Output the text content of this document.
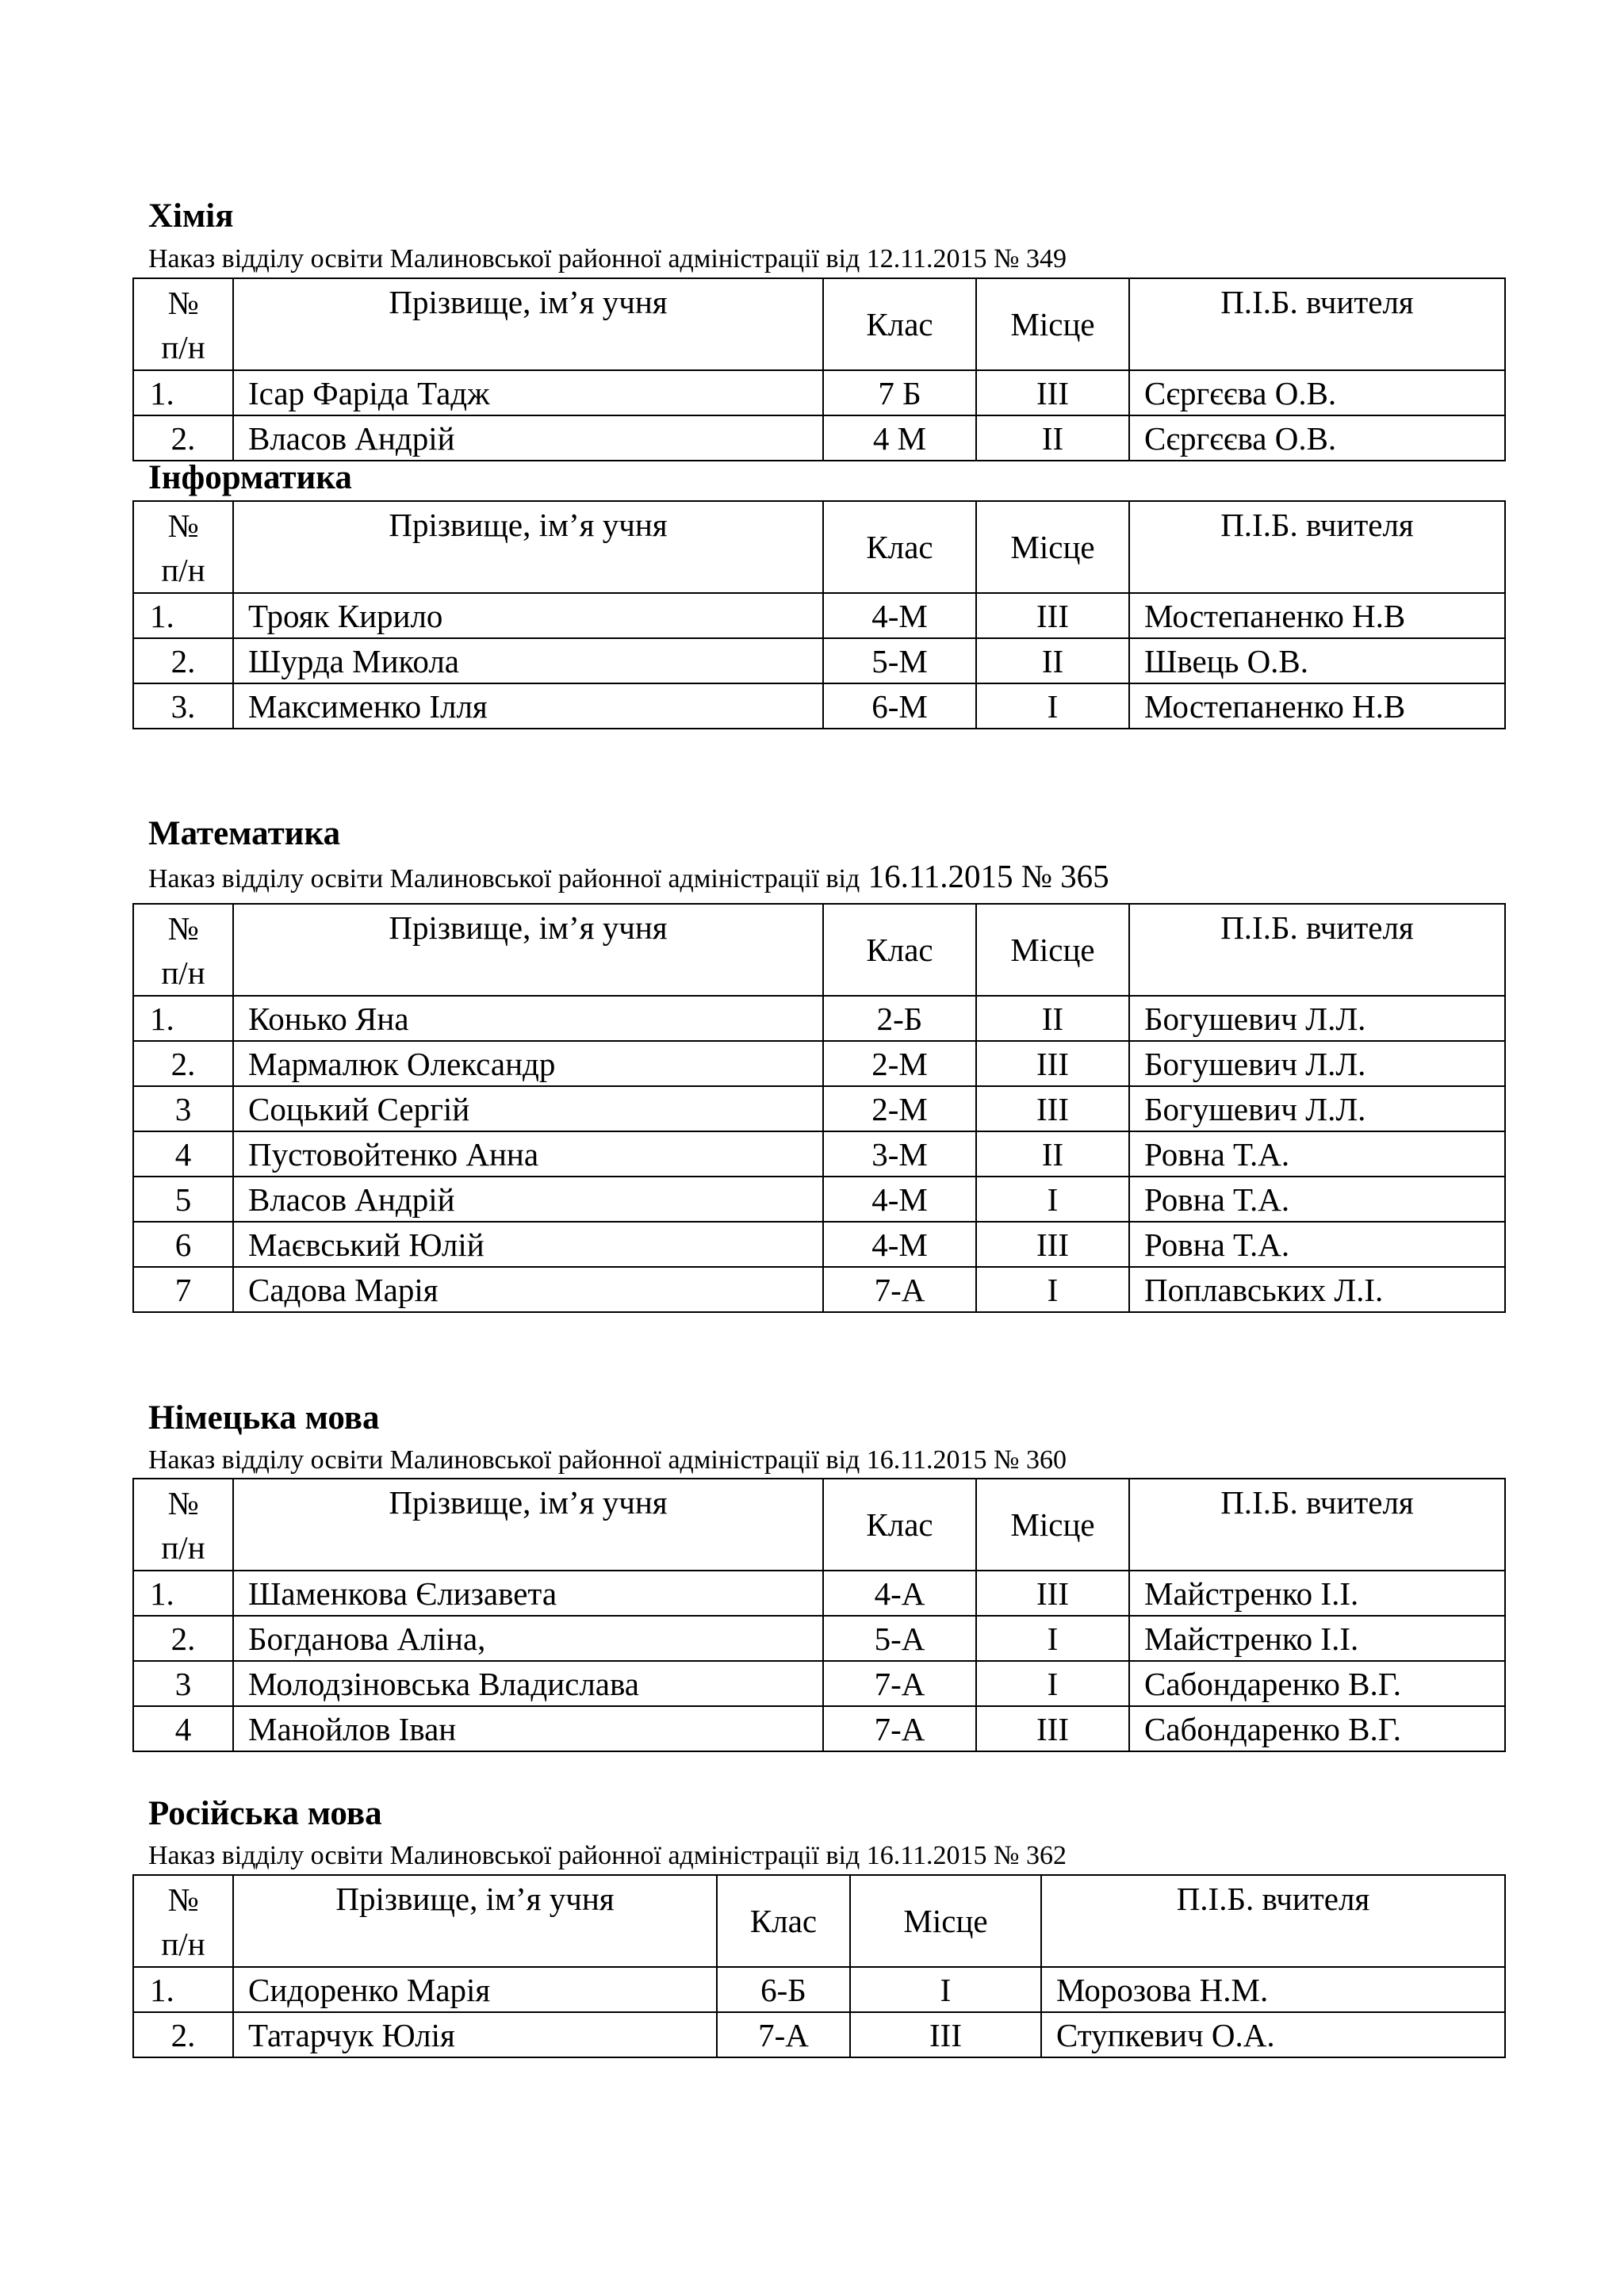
Хімія
Наказ відділу освіти Малиновської районної адміністрації від 12.11.2015 № 349
№
п/н	Прізвище, ім’я учня	Клас	Місце	П.І.Б. вчителя
1.	Ісар Фаріда Тадж	7 Б	ІІІ	Сєргєєва О.В.
2.	Власов Андрій	4 М	ІІ	Сєргєєва О.В.
Інформатика
№
п/н	Прізвище, ім’я учня	Клас	Місце	П.І.Б. вчителя
1.	Трояк Кирило	4-М	ІІІ	Мостепаненко Н.В
2.	Шурда Микола	5-М	ІІ	Швець О.В.
3.	Максименко Ілля	6-М	І	Мостепаненко Н.В
Математика
Наказ відділу освіти Малиновської районної адміністрації від 16.11.2015 № 365
№
п/н	Прізвище, ім’я учня	Клас	Місце	П.І.Б. вчителя
1.	Конько Яна	2-Б	ІІ	Богушевич Л.Л.
2.	Мармалюк Олександр	2-М	ІІІ	Богушевич Л.Л.
3	Соцький Сергій	2-М	ІІІ	Богушевич Л.Л.
4	Пустовойтенко Анна	3-М	ІІ	Ровна Т.А.
5	Власов Андрій	4-М	І	Ровна Т.А.
6	Маєвський Юлій	4-М	ІІІ	Ровна Т.А.
7	Садова Марія	7-А	І	Поплавських Л.І.
Німецька мова
Наказ відділу освіти Малиновської районної адміністрації від 16.11.2015 № 360
№
п/н	Прізвище, ім’я учня	Клас	Місце	П.І.Б. вчителя
1.	Шаменкова Єлизавета	4-А	ІІІ	Майстренко І.І.
2.	Богданова Аліна,	5-А	І	Майстренко І.І.
3	Молодзіновська Владислава	7-А	І	Сабондаренко В.Г.
4	Манойлов Іван	7-А	ІІІ	Сабондаренко В.Г.
Російська мова
Наказ відділу освіти Малиновської районної адміністрації від 16.11.2015 № 362
№
п/н	Прізвище, ім’я учня	Клас	Місце	П.І.Б. вчителя
1.	Сидоренко Марія	6-Б	І	Морозова Н.М.
2.	Татарчук Юлія	7-А	ІІІ	Ступкевич О.А.
